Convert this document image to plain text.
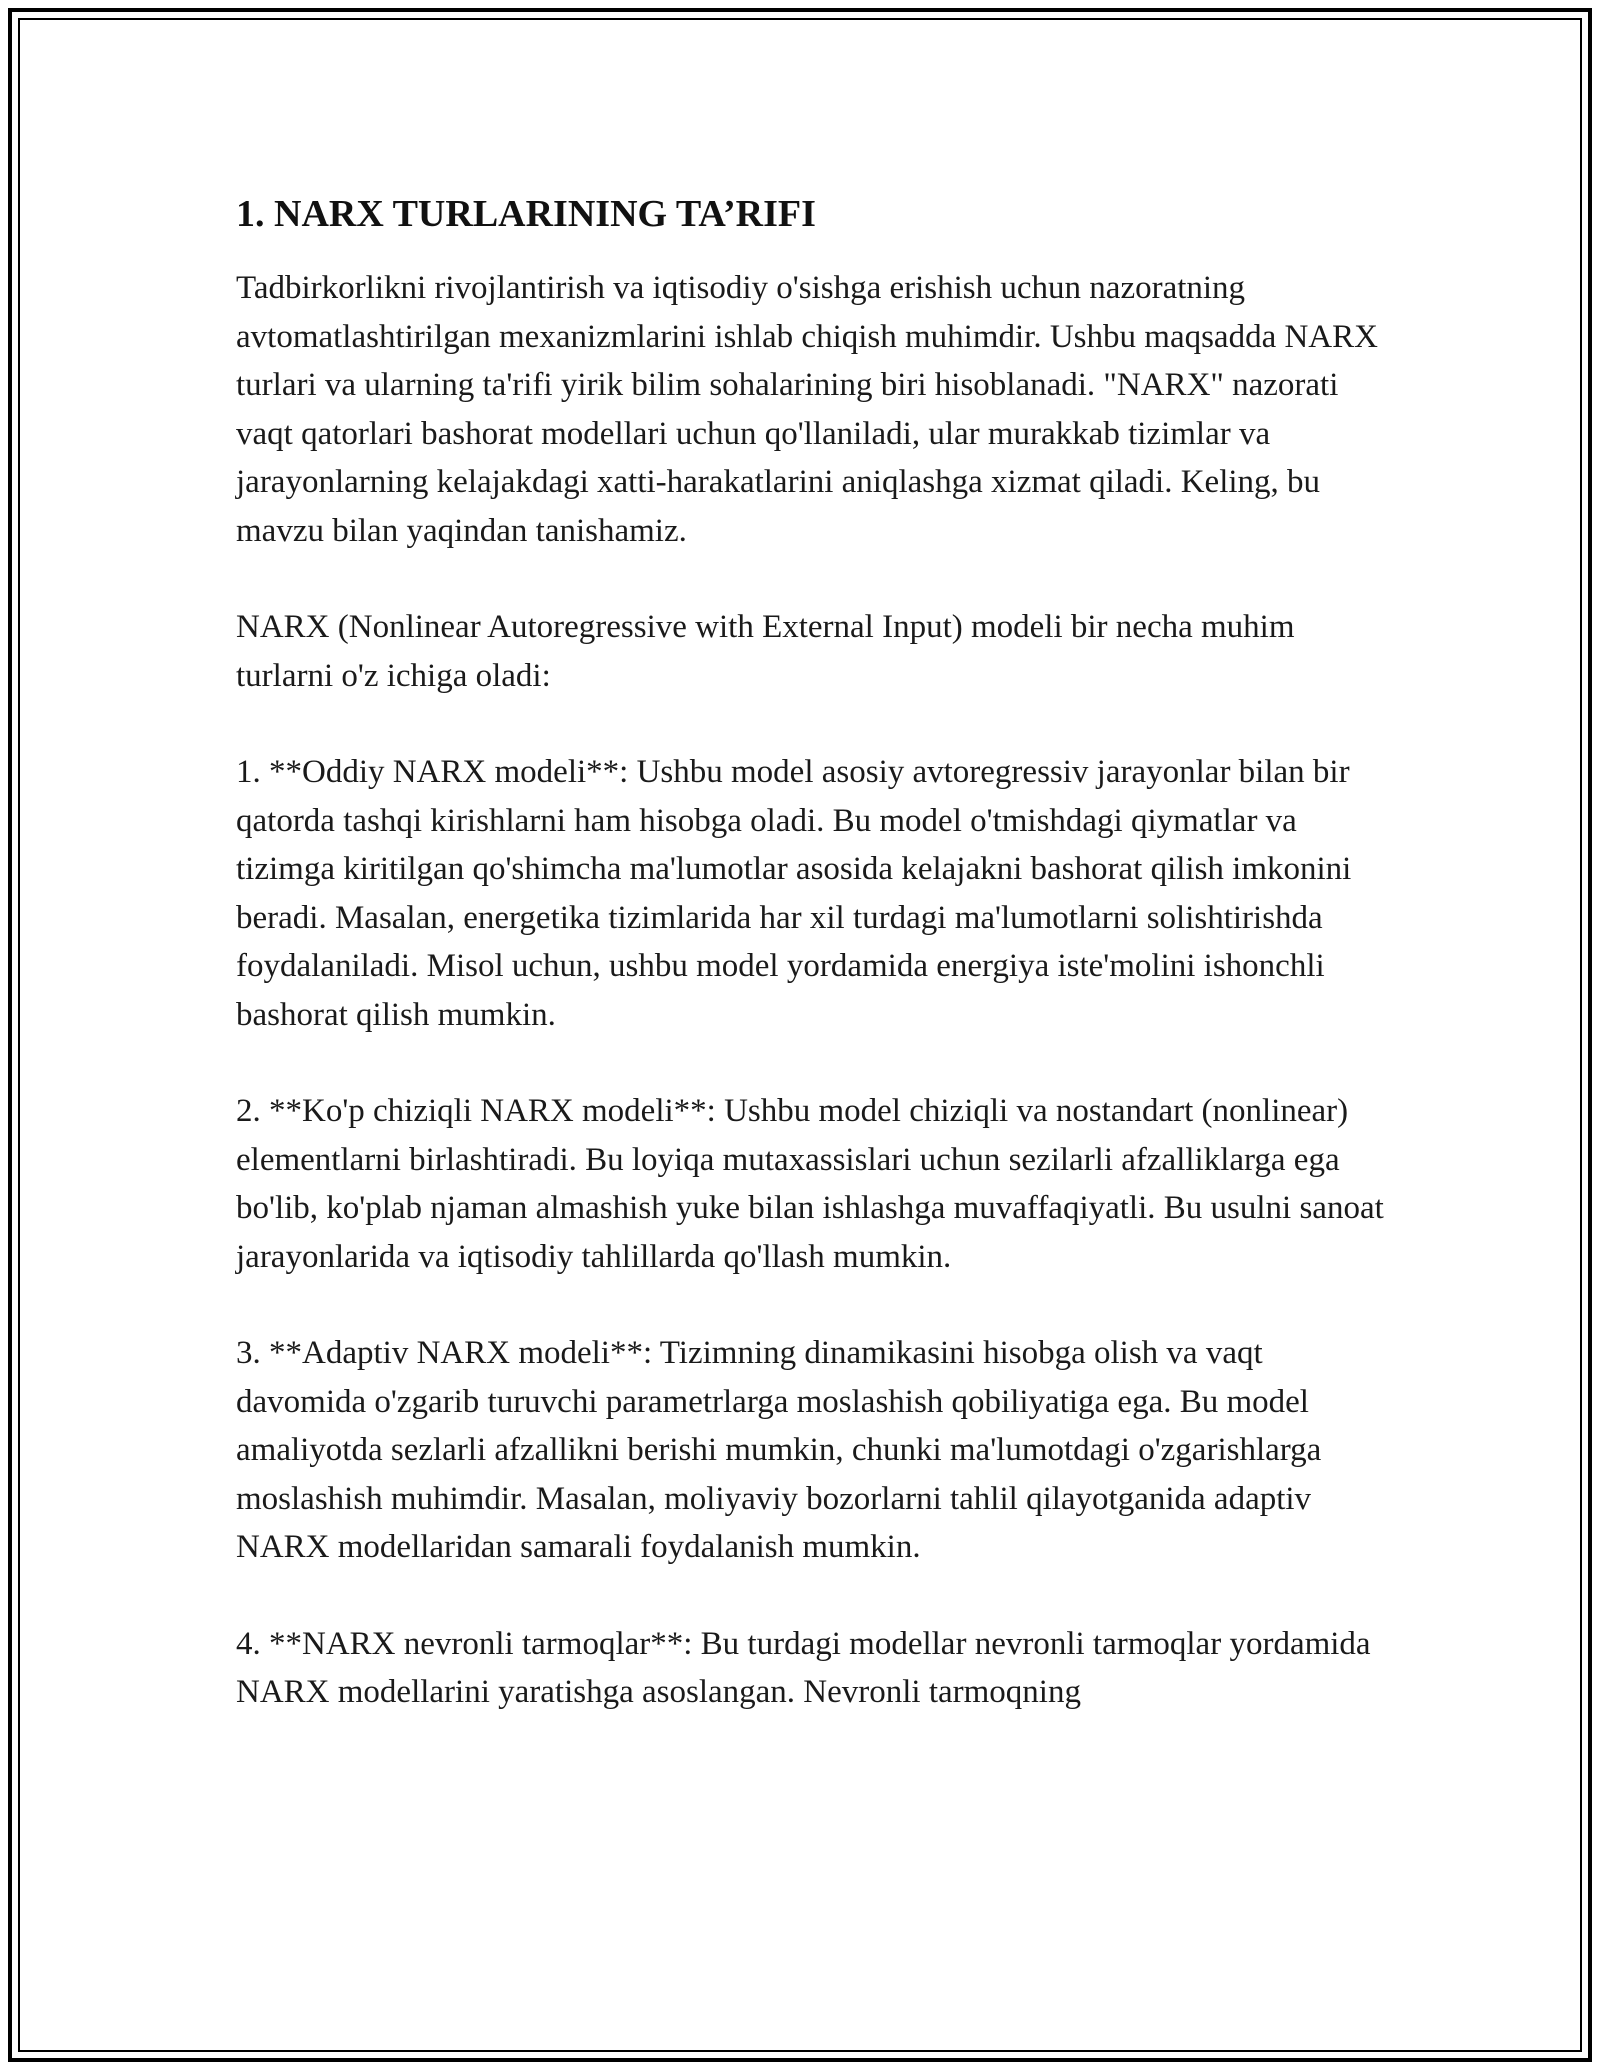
1. NARX TURLARINING TA’RIFI

Tadbirkorlikni rivojlantirish va iqtisodiy o'sishga erishish uchun nazoratning avtomatlashtirilgan mexanizmlarini ishlab chiqish muhimdir. Ushbu maqsadda NARX turlari va ularning ta'rifi yirik bilim sohalarining biri hisoblanadi. "NARX" nazorati vaqt qatorlari bashorat modellari uchun qo'llaniladi, ular murakkab tizimlar va jarayonlarning kelajakdagi xatti-harakatlarini aniqlashga xizmat qiladi. Keling, bu mavzu bilan yaqindan tanishamiz.

NARX (Nonlinear Autoregressive with External Input) modeli bir necha muhim turlarni o'z ichiga oladi:

1. **Oddiy NARX modeli**: Ushbu model asosiy avtoregressiv jarayonlar bilan bir qatorda tashqi kirishlarni ham hisobga oladi. Bu model o'tmishdagi qiymatlar va tizimga kiritilgan qo'shimcha ma'lumotlar asosida kelajakni bashorat qilish imkonini beradi. Masalan, energetika tizimlarida har xil turdagi ma'lumotlarni solishtirishda foydalaniladi. Misol uchun, ushbu model yordamida energiya iste'molini ishonchli bashorat qilish mumkin.

2. **Ko'p chiziqli NARX modeli**: Ushbu model chiziqli va nostandart (nonlinear) elementlarni birlashtiradi. Bu loyiqa mutaxassislari uchun sezilarli afzalliklarga ega bo'lib, ko'plab njaman almashish yuke bilan ishlashga muvaffaqiyatli. Bu usulni sanoat jarayonlarida va iqtisodiy tahlillarda qo'llash mumkin.

3. **Adaptiv NARX modeli**: Tizimning dinamikasini hisobga olish va vaqt davomida o'zgarib turuvchi parametrlarga moslashish qobiliyatiga ega. Bu model amaliyotda sezlarli afzallikni berishi mumkin, chunki ma'lumotdagi o'zgarishlarga moslashish muhimdir. Masalan, moliyaviy bozorlarni tahlil qilayotganida adaptiv NARX modellaridan samarali foydalanish mumkin.

4. **NARX nevronli tarmoqlar**: Bu turdagi modellar nevronli tarmoqlar yordamida NARX modellarini yaratishga asoslangan. Nevronli tarmoqning
